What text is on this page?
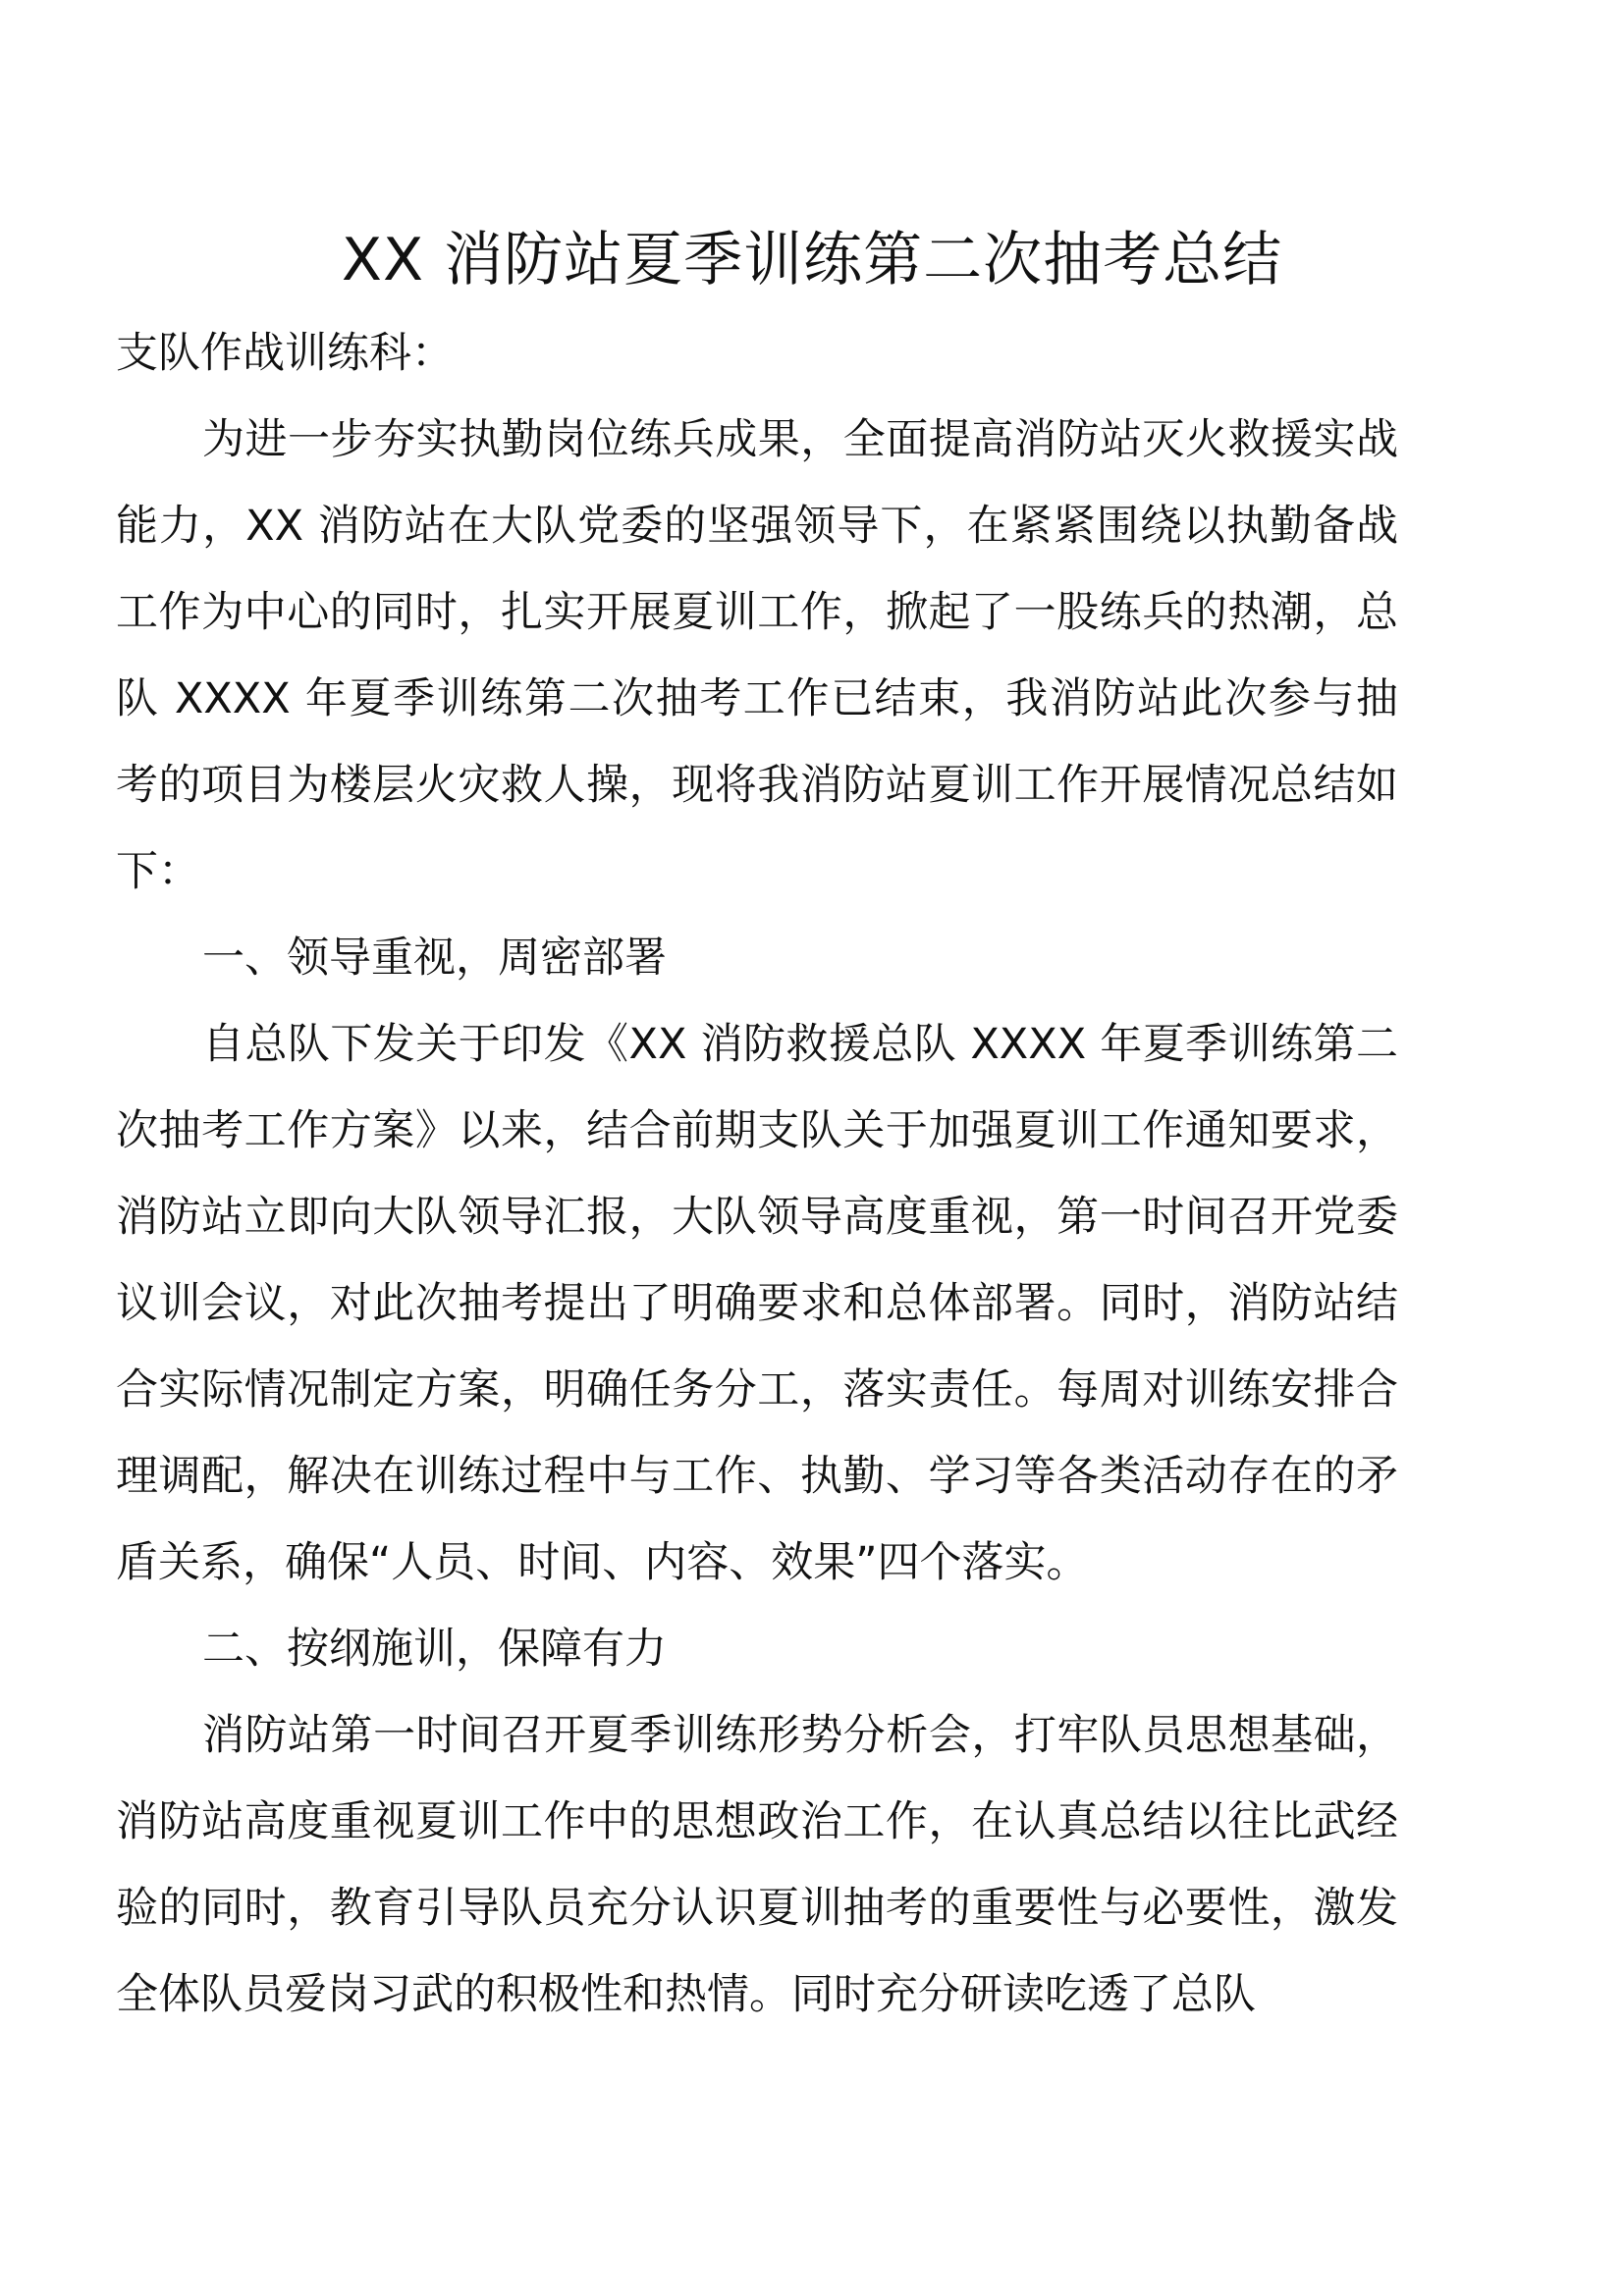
XX 消防站夏季训练第二次抽考总结

支队作战训练科：

为进一步夯实执勤岗位练兵成果，全面提高消防站灭火救援实战能力，XX 消防站在大队党委的坚强领导下，在紧紧围绕以执勤备战工作为中心的同时，扎实开展夏训工作，掀起了一股练兵的热潮，总队 XXXX 年夏季训练第二次抽考工作已结束，我消防站此次参与抽考的项目为楼层火灾救人操，现将我消防站夏训工作开展情况总结如下：

一、领导重视，周密部署

自总队下发关于印发《XX 消防救援总队 XXXX 年夏季训练第二次抽考工作方案》以来，结合前期支队关于加强夏训工作通知要求，消防站立即向大队领导汇报，大队领导高度重视，第一时间召开党委议训会议，对此次抽考提出了明确要求和总体部署。同时，消防站结合实际情况制定方案，明确任务分工，落实责任。每周对训练安排合理调配，解决在训练过程中与工作、执勤、学习等各类活动存在的矛盾关系，确保“人员、时间、内容、效果”四个落实。

二、按纲施训，保障有力

消防站第一时间召开夏季训练形势分析会，打牢队员思想基础，消防站高度重视夏训工作中的思想政治工作，在认真总结以往比武经验的同时，教育引导队员充分认识夏训抽考的重要性与必要性，激发全体队员爱岗习武的积极性和热情。同时充分研读吃透了总队
